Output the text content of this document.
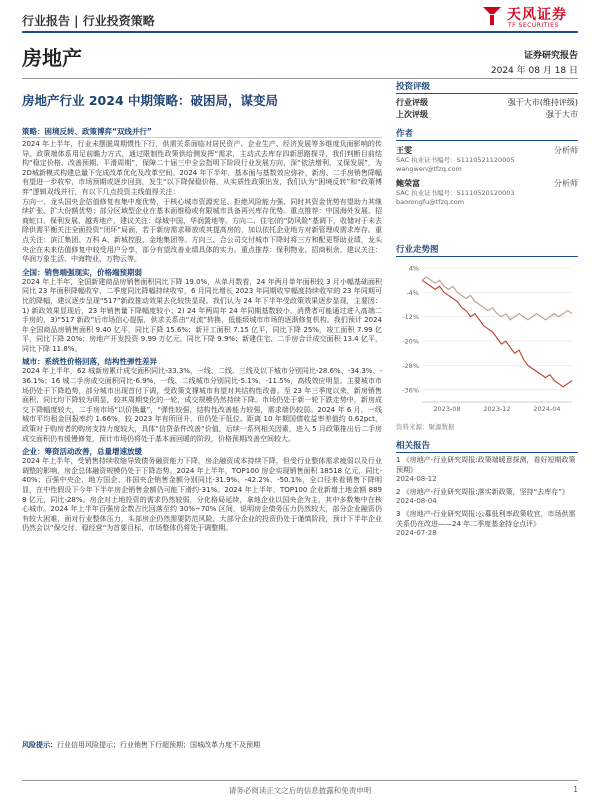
行业报告 | 行业投资策略	天风证券
TF SECURITIES
房地产	证券研究报告
2024 年 08 月 18 日
房地产行业 2024 中期策略：破困局，谋变局
策略：困境反转、政策博弈“双线并行”

2024 年上半年，行业未摆脱周期惯性下行，供需关系面临对居民资产、企业生产、经济发展等多维度负面影响的传导。政策端体系用足前瞻力方式，通过限制性政策供给侧发挥“需求，主动式去库存四新思路探寻，我们判断目前结构“稳定价格、改善预期、平滑周期”，保障二十届三中全会指明下阶段行业发展方向，深“依法增利、又保发展”，为2D城新模式构建总量下完成改革优化及改革空间。2024 年下半年，基本面与基数效应弥补，新房、二手房销售降幅有望进一步收窄，市场预期或逐步回到，发生“以下降保稳价格，从实质性政策出发，我们认为“困境反转”和“政策博弈”逻辑双线并行，有以下几点投资主线值得关注：

方向一、龙头国央企估值修复有集中度优势，于核心城市资源充足、拒绝风险能力强、同时其资金优势有望助力其继续扩张、扩大份额优势；部分区域型企业在基本面维稳或有限城市具备再兴库存优势。重点推荐：中国海外发展、招商蛇口、保利发展、越秀地产，建议关注：绿城中国、华润置地等。方向二、住宅(的“防风险”基调下，收储对于未去除供需平衡关注全面投资“闭环”局面，若于新房需求释放或其提高房的，加以依托企业地方对新管理或需求库存。重点关注：滨江集团、万科 A、新城控股、金地集团等。方向三、合公司交付城市下降时将三方和配更帮助业绩，龙头央企在未来估值修复中较受用户分享，部分有望改善业绩具体的实力。重点推荐：保利物业、招商积余，建议关注：华润万象生活、中海物业、万物云等。

全国：销售端强现实，价格端预期弱

2024 年上半年，全国新建商品房销售面积同比下降 19.0%，从单月数看，24 年两月单年面积较 3 月小幅基础面积同比 23 年面积降幅收窄，二季度同比降幅持续收窄，6 月同比增长 2023 年同期收窄幅度持续收窄的 23 年同期可比的降幅，建议逐步呈现“517”新政推动效果去化较快显现。我们认为 24 年下半年受政策效果逐步显现，主要因：1) 新政效果显现后，23 年销售量下降幅度较小；2) 24 年两周年 24 年同期基数较小，消费者可能通过进入高端二手房的，3)“517 新政”后市场信心提振，供求关系由“对流”转换，低能级城市市场的逐渐修复机构。我们预计 2024 年全国商品房销售面积 9.40 亿平，同比下降 15.6%；新开工面积 7.15 亿平，同比下降 25%，竣工面积 7.99 亿平，同比下降 20%；房地产开发投资 9.99 万亿元，同比下降 9.9%；新建住宅、二手房合计成交面积 13.4 亿平，同比下降 11.8%。

城市：系统性价格回落，结构性弹性差异

2024 年上半年，62 城新房累计成交面积同比-33.3%，一线、二线、三线及以下城市分别同比-28.6%、-34.3%、-36.1%；16 城二手房成交面积同比-6.9%，一线、二线城市分别同比-5.1%、-11.5%，高线效应明显。主要城市市场仍处于下降趋势，部分城市出现首付下调，受政策支撑城市有望对其结构性改善。至 23 年三季度以来，新房销售面积、同比均下降较为明显，较其周期变化的一轮，成交规模仍然持续下降。市场仍处于新一轮下跌走势中，新房成交下降幅度较大，二手房市场“以价换量”，“弹性较强，结构性改善能力较强，需求端仍较弱。2024 年 6 月，一线城市平均租金回报率约 1.66%，较 2023 年有所回升，但仍处于低位。距离 10 年期国债收益率差值约 0.62pct，政策对于购房者的购房支持力度较大，具体“信贷条件改善”价值，后续一系列相关因素，进入 5 月政策推出后二手房成交面积仍有缓慢修复，预计市场仍将处于基本面回暖的阶段，价格预期改善空间较大。

企业：筹资活动改善，总量增速放缓

2024 年上半年，受销售持续收缩导致债务融资能力下降，房企融资成本持续下降，但受行业整体需求疲弱以及行业调整的影响，房企总体融资规模仍处于下降态势。2024 年上半年，TOP100 房企实现销售面积 18518 亿元，同比-40%；百强中央企、地方国企、非国央企销售金额分别同比-31.9%、-42.2%、-50.1%，全口径来看销售下降明显，在中性假设下今年下半年房企销售金额仍可能下滑约-31%。2024 年上半年，TOP100 企业新增土地金额 8898 亿元，同比-28%。房企对土地投资的需求仍然较弱，分化格局延续，拿地企业以国央企为主，其中多数集中在核心城市。2024 年上半年百强房企数占比回落至约 30%~70% 区间，说明房企债务压力仍然较大，部分企业融资仍有较大困难，面对行业整体压力，头部房企仍然需要防范风险，大部分企业的投资仍处于谨慎阶段，预计下半年企业仍然会以“保交付、稳经营”为首要目标，市场整体仍将处于调整期。

风险提示：行业信用风险提示；行业销售下行超预期；国城改革力度不及预期
投资评级
行业评级	强于大市(维持评级)
上次评级	强于大市
作者
王雯	分析师
SAC 执业证书编号：S1110521120005
wangwen@tfzq.com
鲍荣富	分析师
SAC 执业证书编号：S1110520120003
baorongfu@tfzq.com
行业走势图
4%
-4%
-12%
-20%
-28%
-36%
2023-08	2023-12	2024-04
资料来源：聚源数据
相关报告
1 《房地产-行业研究周报:政策端暖意探测，看好短期政策预期》
2024-08-12
2 《房地产-行业研究周报:落实新政策，坚持“去库存”》
2024-08-04
3 《房地产-行业研究周报:公募低利率政策收官，市场供需关系仍在改进——24 年二季度基金持仓点评》
2024-07-28
请务必阅读正文之后的信息披露和免责申明	1
